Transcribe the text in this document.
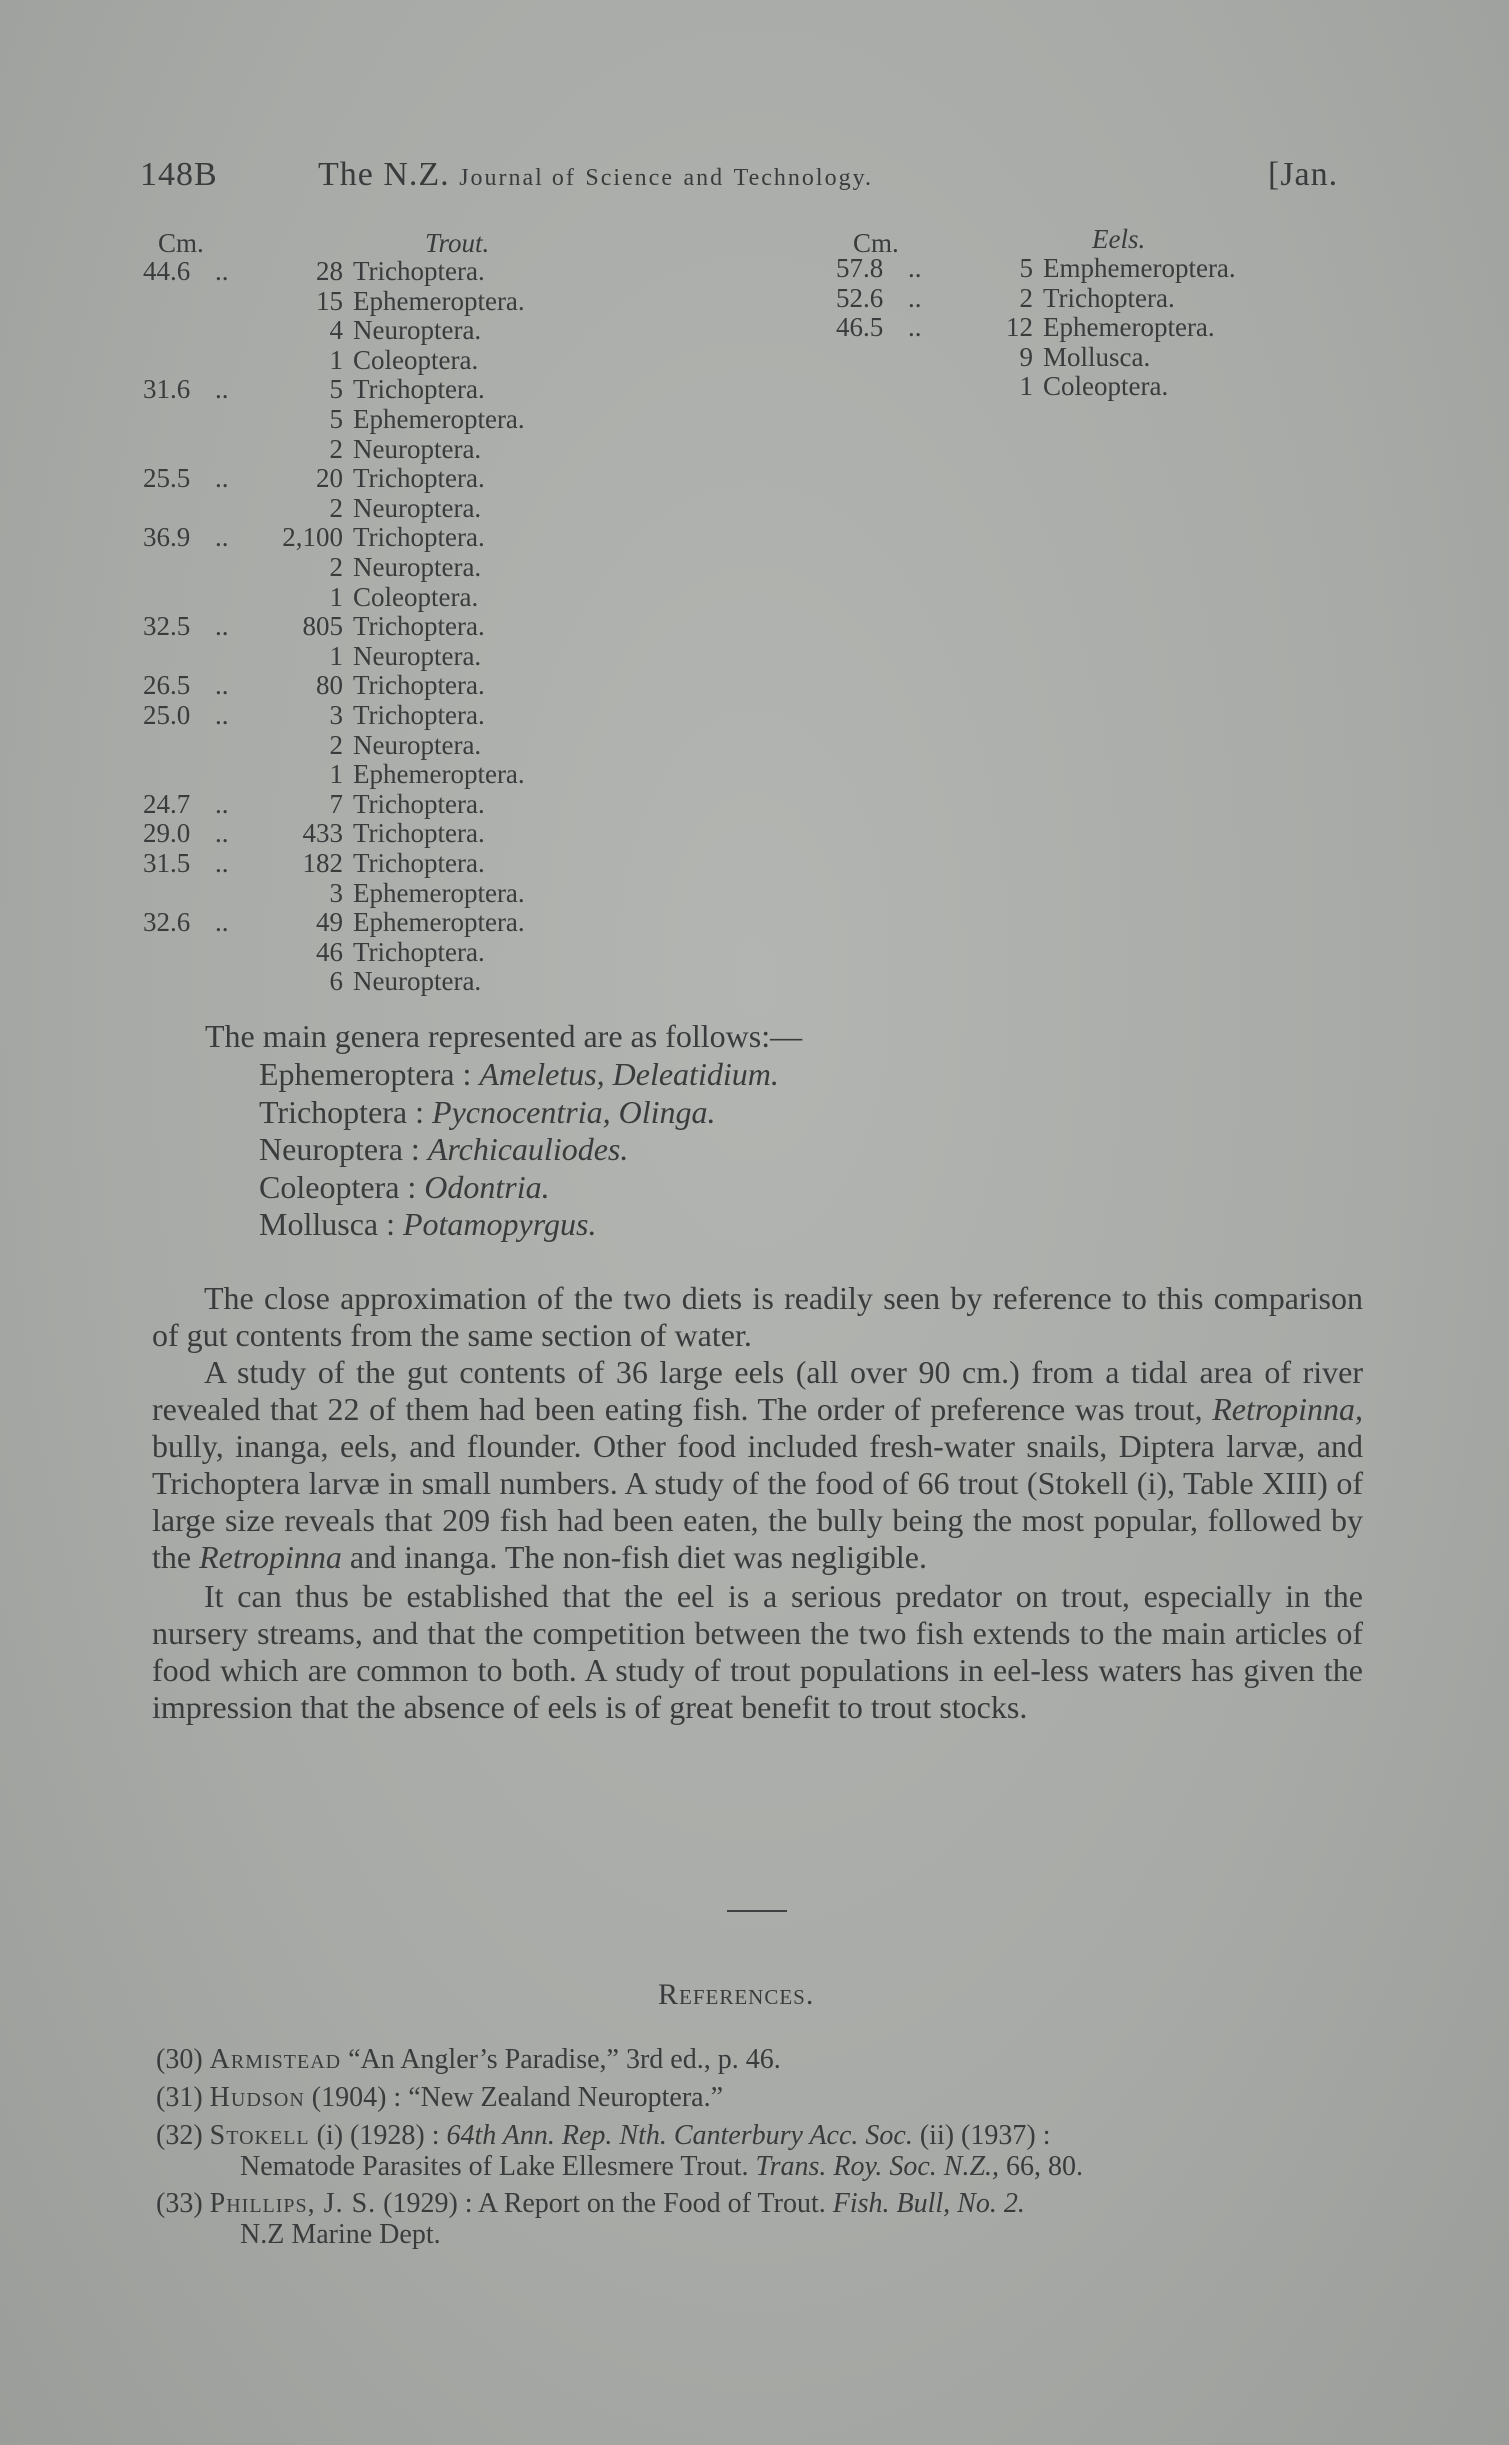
148B	The N.Z. Journal of Science and Technology.	[Jan.
Cm.	Trout.
44.6 ..	28 Trichoptera.
15 Ephemeroptera.
4 Neuroptera.
1 Coleoptera.
31.6 ..	5 Trichoptera.
5 Ephemeroptera.
2 Neuroptera.
25.5 ..	20 Trichoptera.
2 Neuroptera.
36.9 .. 2,100 Trichoptera.
2 Neuroptera.
1 Coleoptera.
32.5 ..	805 Trichoptera.
1 Neuroptera.
26.5 ..	80 Trichoptera.
25.0 ..	3 Trichoptera.
2 Neuroptera.
1 Ephemeroptera.
24.7 ..	7 Trichoptera.
29.0 ..	433 Trichoptera.
31.5 ..	182 Trichoptera.
3 Ephemeroptera.
32.6 ..	49 Ephemeroptera.
46 Trichoptera.
6 Neuroptera.
Cm.	Eels.
57.8 ..	5 Emphemeroptera.
52.6 ..	2 Trichoptera.
46.5 ..	12 Ephemeroptera.
9 Mollusca.
1 Coleoptera.
The main genera represented are as follows:—
Ephemeroptera : Ameletus, Deleatidium.
Trichoptera : Pycnocentria, Olinga.
Neuroptera : Archicauliodes.
Coleoptera : Odontria.
Mollusca : Potamopyrgus.

The close approximation of the two diets is readily seen by reference to this comparison of gut contents from the same section of water.

A study of the gut contents of 36 large eels (all over 90 cm.) from a tidal area of river revealed that 22 of them had been eating fish. The order of preference was trout, Retropinna, bully, inanga, eels, and flounder. Other food included fresh-water snails, Diptera larvæ, and Trichoptera larvæ in small numbers. A study of the food of 66 trout (Stokell (i), Table XIII) of large size reveals that 209 fish had been eaten, the bully being the most popular, followed by the Retropinna and inanga. The non-fish diet was negligible.

It can thus be established that the eel is a serious predator on trout, especially in the nursery streams, and that the competition between the two fish extends to the main articles of food which are common to both. A study of trout populations in eel-less waters has given the impression that the absence of eels is of great benefit to trout stocks.

References.
(30) Armistead “An Angler’s Paradise,” 3rd ed., p. 46.
(31) Hudson (1904) : “New Zealand Neuroptera.”
(32) Stokell (i) (1928) : 64th Ann. Rep. Nth. Canterbury Acc. Soc. (ii) (1937) :
Nematode Parasites of Lake Ellesmere Trout. Trans. Roy. Soc. N.Z., 66, 80.
(33) Phillips, J. S. (1929) : A Report on the Food of Trout. Fish. Bull, No. 2.
N.Z Marine Dept.
